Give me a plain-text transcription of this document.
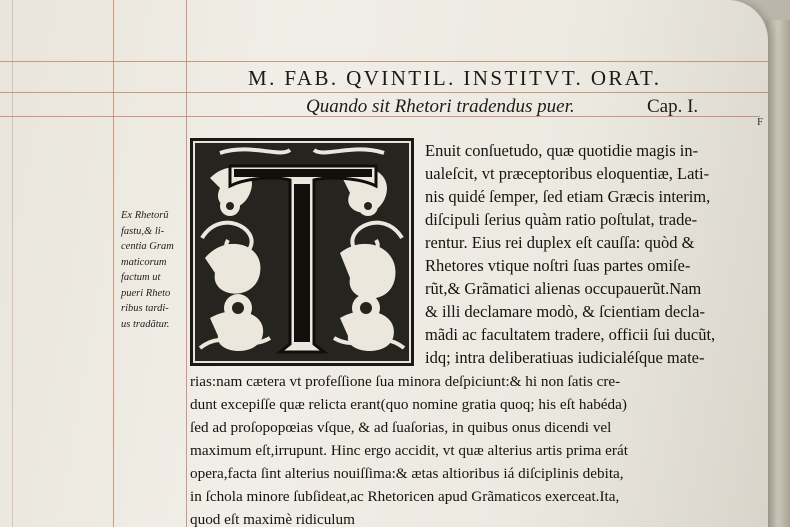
M. FAB. QVINTIL. INSTITVT. ORAT.
Quando sit Rhetori tradendus puer.	Cap. I.
F
Ex Rhetorũ
fastu,& li-
centia Gram
maticorum
factum ut
pueri Rheto
ribus tardi-
us tradãtur.
Enuit conſuetudo, quæ quotidie magis in-
ualeſcit, vt præceptoribus eloquentiæ, Lati-
nis quidé ſemper, ſed etiam Græcis interim,
diſcipuli ſerius quàm ratio poſtulat, trade-
rentur. Eius rei duplex eſt cauſſa: quòd &
Rhetores vtique noſtri ſuas partes omiſe-
rũt,& Grãmatici alienas occupauerũt.Nam
& illi declamare modò, & ſcientiam decla-
mãdi ac facultatem tradere, officii ſui ducũt,
idq; intra deliberatiuas iudicialéſque mate-
rias:nam cætera vt profeſſione ſua minora deſpiciunt:& hi non ſatis cre-
dunt excepiſſe quæ relicta erant(quo nomine gratia quoq; his eſt habéda)
ſed ad proſopopœias vſque, & ad ſuaſorias, in quibus onus dicendi vel
maximum eſt,irrupunt. Hinc ergo accidit, vt quæ alterius artis prima erát
opera,facta ſint alterius nouiſſima:& ætas altioribus iá diſciplinis debita,
in ſchola minore ſubſideat,ac Rhetoricen apud Grãmaticos exerceat.Ita,
quod eſt maximè ridiculum
